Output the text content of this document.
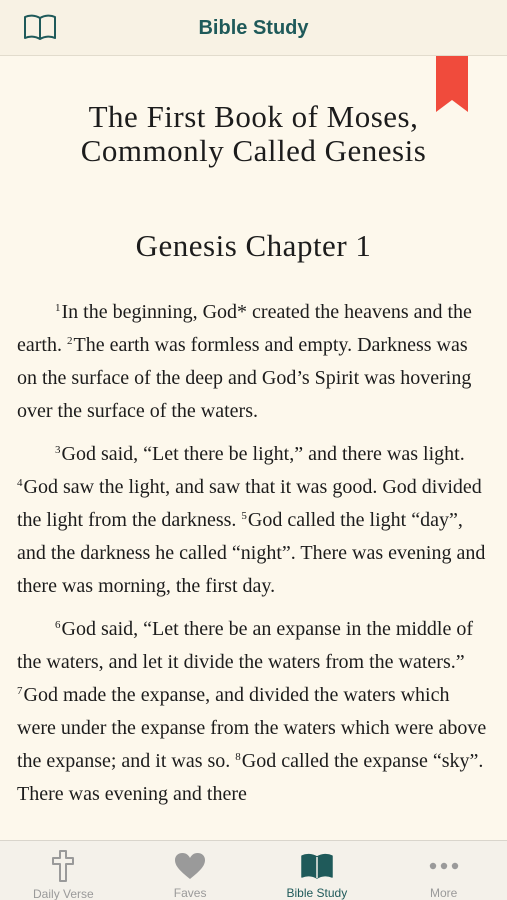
Bible Study
The First Book of Moses, Commonly Called Genesis
Genesis Chapter 1

$^1$In the beginning, God* created the heavens and the earth. $^2$The earth was formless and empty. Darkness was on the surface of the deep and God’s Spirit was hovering over the surface of the waters.

$^3$God said, “Let there be light,” and there was light. $^4$God saw the light, and saw that it was good. God divided the light from the darkness. $^5$God called the light “day”, and the darkness he called “night”. There was evening and there was morning, the first day.

$^6$God said, “Let there be an expanse in the middle of the waters, and let it divide the waters from the waters.” $^7$God made the expanse, and divided the waters which were under the expanse from the waters which were above the expanse; and it was so. $^8$God called the expanse “sky”. There was evening and there

Daily Verse	Faves	Bible Study	More
